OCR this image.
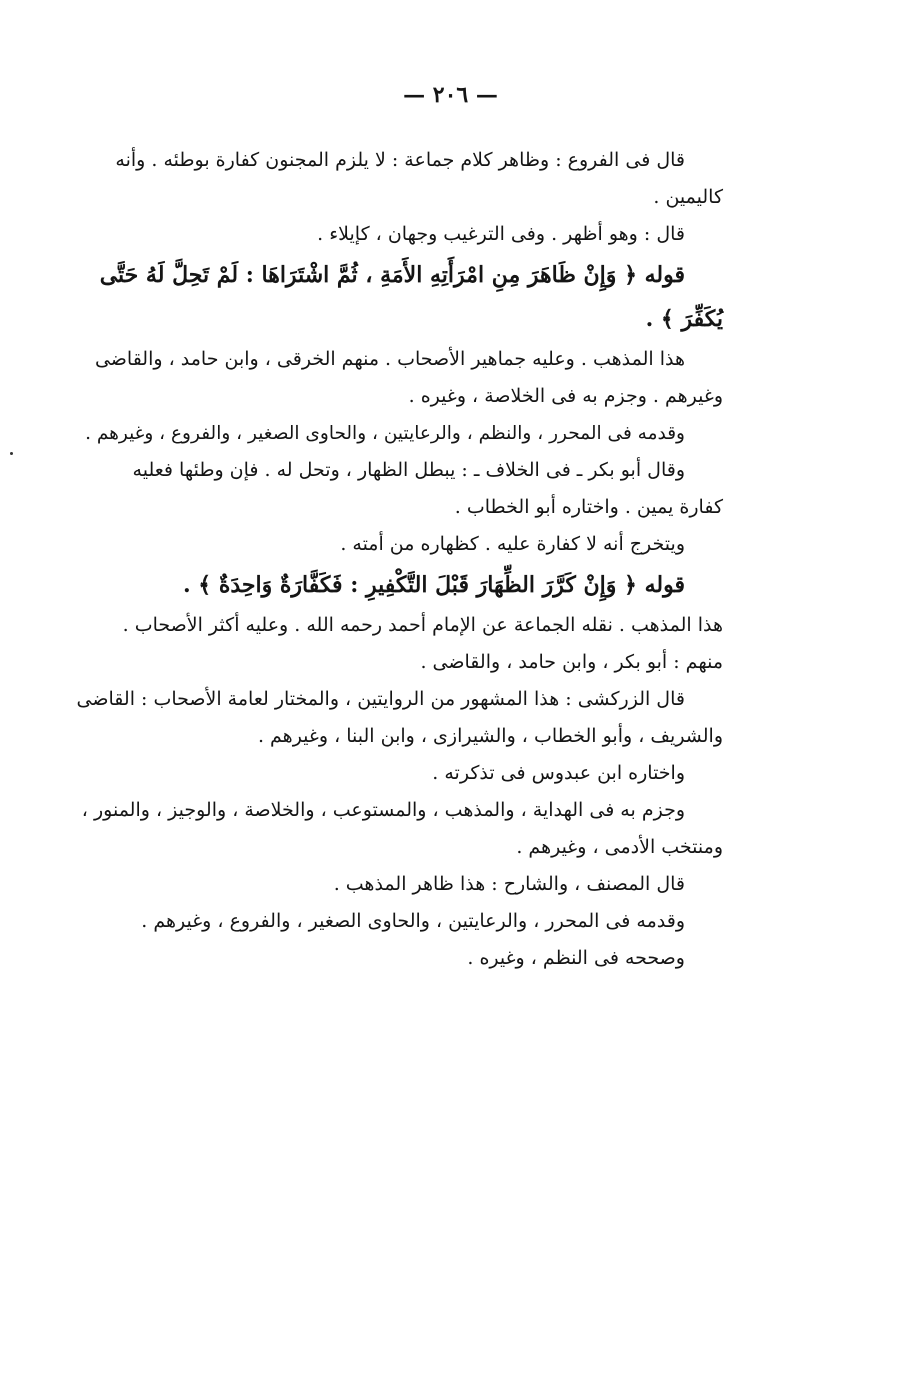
— ٢٠٦ —
قال فى الفروع : وظاهر كلام جماعة : لا يلزم المجنون كفارة بوطئه . وأنه
كاليمين .
قال : وهو أظهر . وفى الترغيب وجهان ، كإيلاء .
قوله ﴿ وَإِنْ ظَاهَرَ مِنِ امْرَأَتِهِ الأَمَةِ ، ثُمَّ اشْتَرَاهَا : لَمْ تَحِلَّ لَهُ حَتَّى
يُكَفِّرَ ﴾ .
هذا المذهب . وعليه جماهير الأصحاب . منهم الخرقى ، وابن حامد ، والقاضى
وغيرهم . وجزم به فى الخلاصة ، وغيره .
وقدمه فى المحرر ، والنظم ، والرعايتين ، والحاوى الصغير ، والفروع ، وغيرهم .
وقال أبو بكر ـ فى الخلاف ـ : يبطل الظهار ، وتحل له . فإن وطئها فعليه
كفارة يمين . واختاره أبو الخطاب .
ويتخرج أنه لا كفارة عليه . كظهاره من أمته .
قوله ﴿ وَإِنْ كَرَّرَ الظِّهَارَ قَبْلَ التَّكْفِيرِ : فَكَفَّارَةٌ وَاحِدَةٌ ﴾ .
هذا المذهب . نقله الجماعة عن الإمام أحمد رحمه الله . وعليه أكثر الأصحاب .
منهم : أبو بكر ، وابن حامد ، والقاضى .
قال الزركشى : هذا المشهور من الروايتين ، والمختار لعامة الأصحاب : القاضى
والشريف ، وأبو الخطاب ، والشيرازى ، وابن البنا ، وغيرهم .
واختاره ابن عبدوس فى تذكرته .
وجزم به فى الهداية ، والمذهب ، والمستوعب ، والخلاصة ، والوجيز ، والمنور ،
ومنتخب الأدمى ، وغيرهم .
قال المصنف ، والشارح : هذا ظاهر المذهب .
وقدمه فى المحرر ، والرعايتين ، والحاوى الصغير ، والفروع ، وغيرهم .
وصححه فى النظم ، وغيره .
